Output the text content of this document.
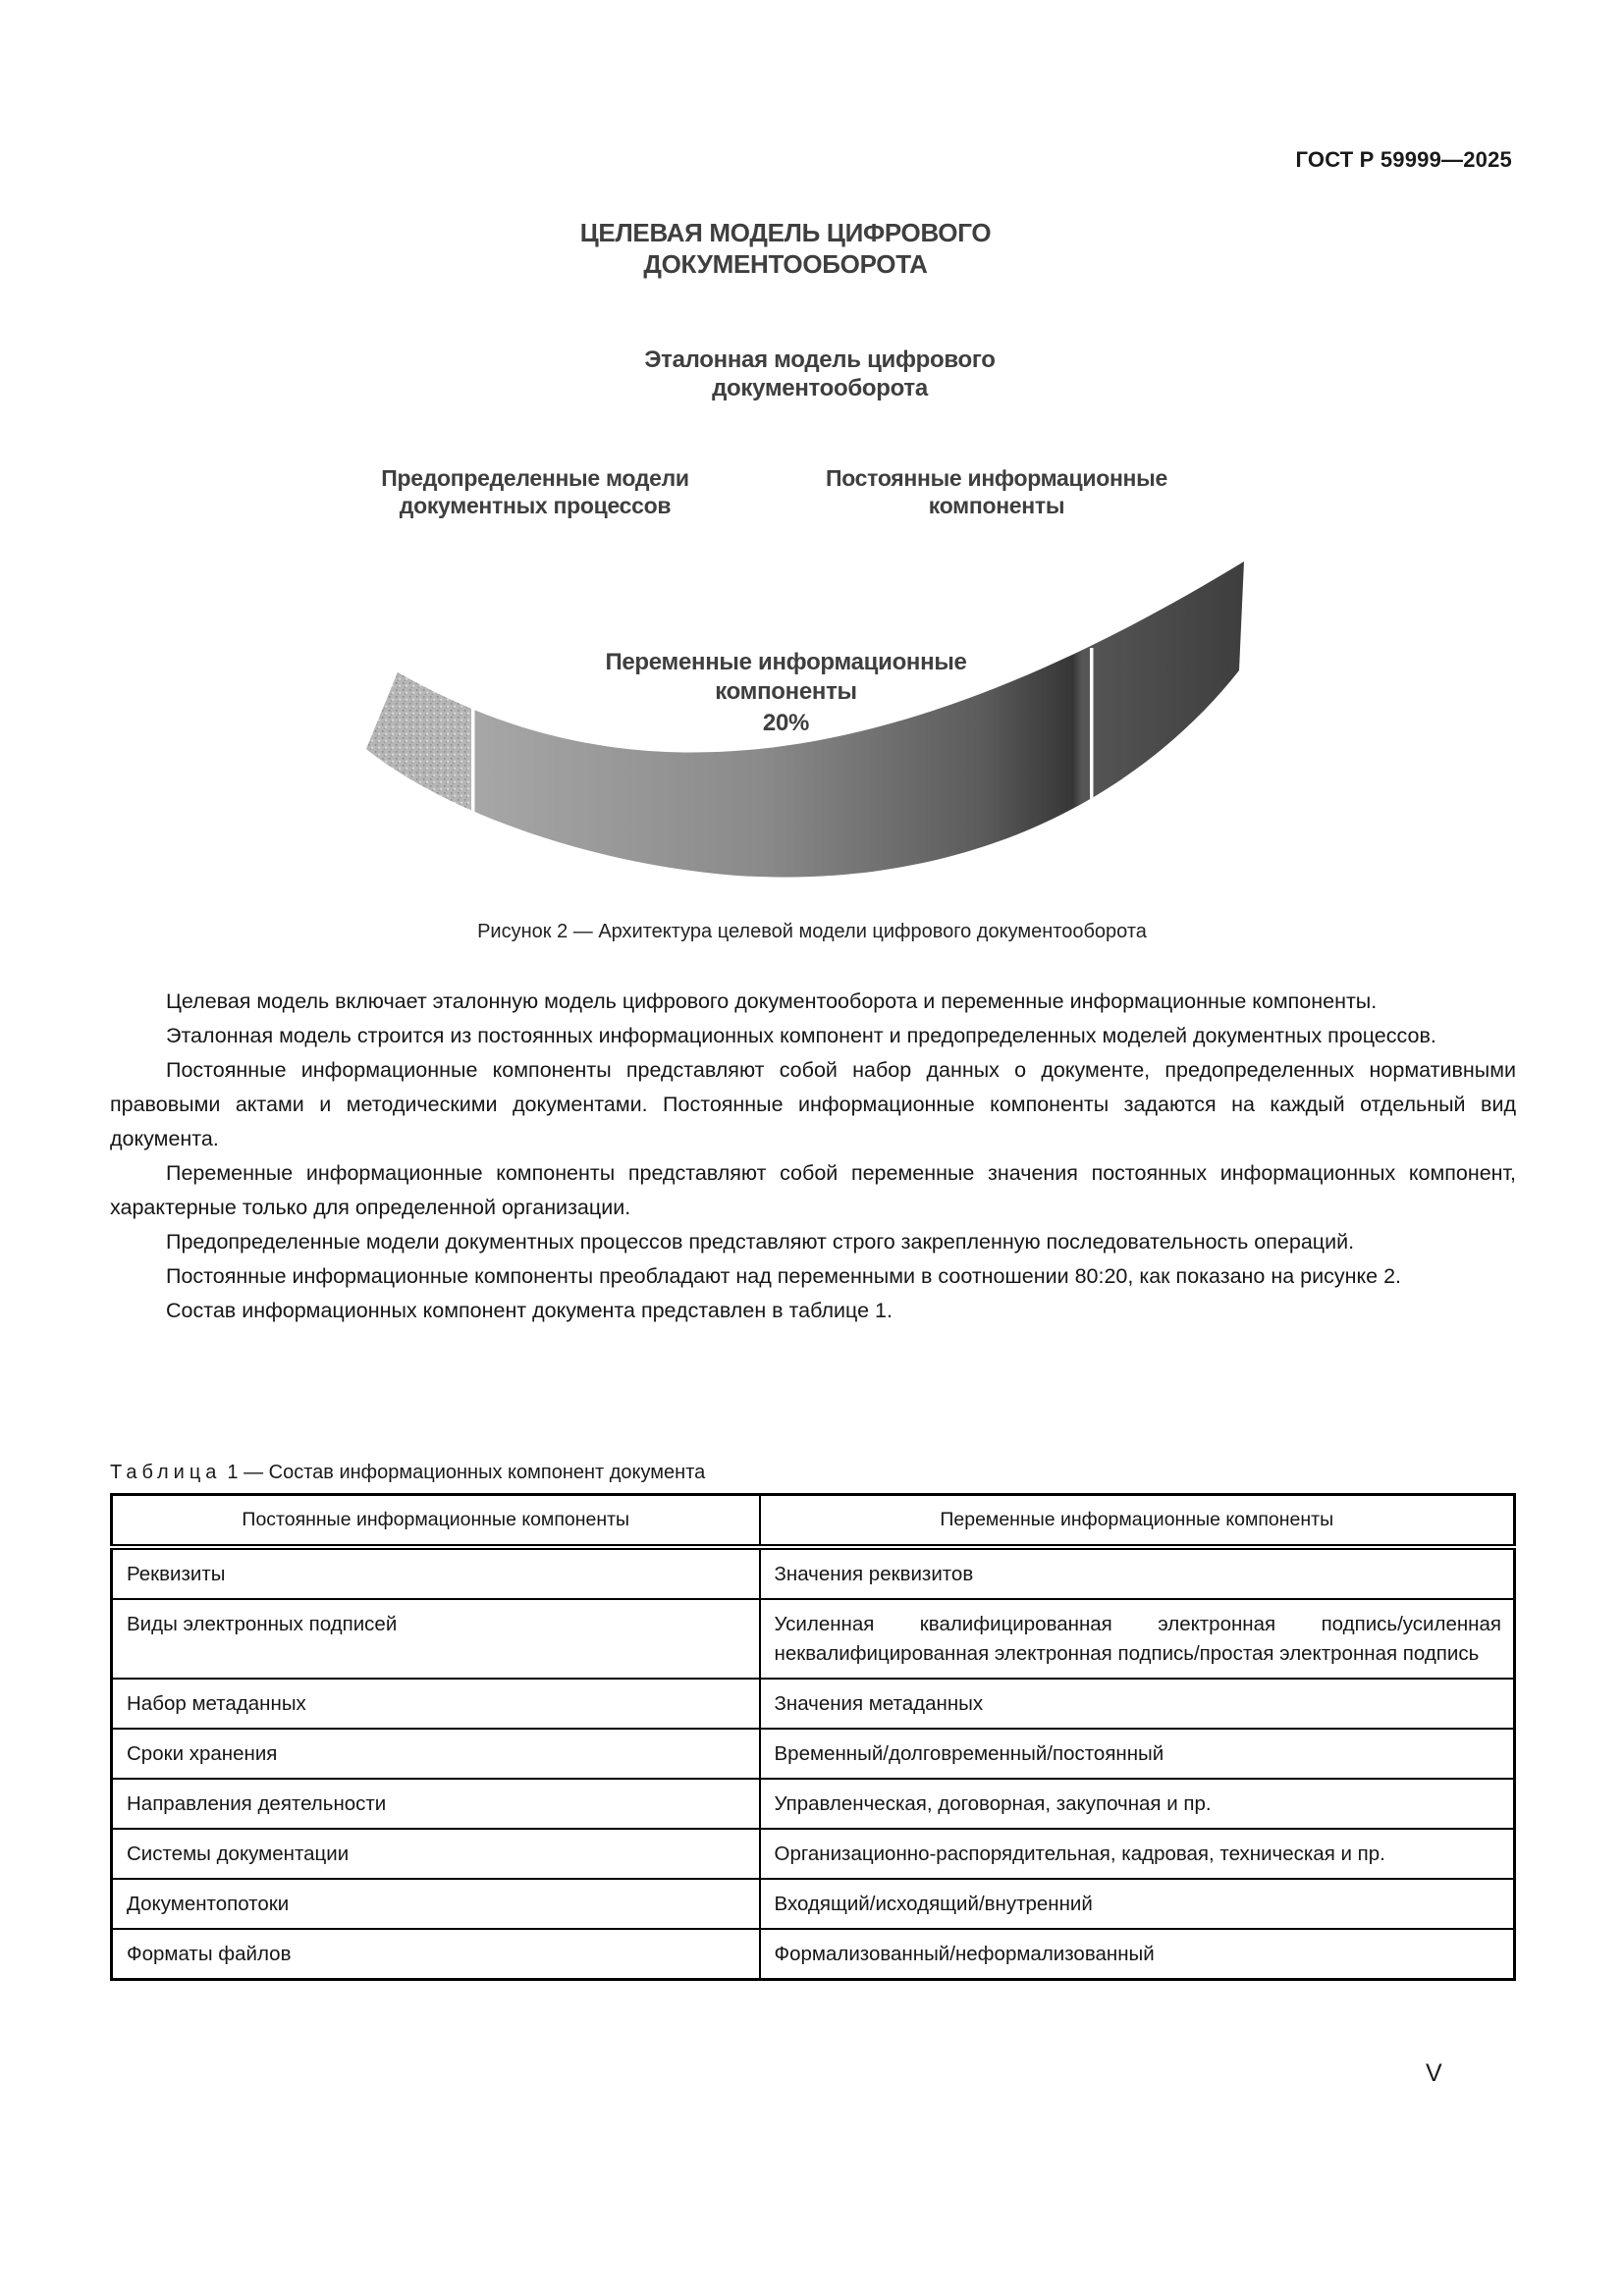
ГОСТ Р 59999—2025
ЦЕЛЕВАЯ МОДЕЛЬ ЦИФРОВОГО ДОКУМЕНТООБОРОТА
Эталонная модель цифрового документооборота
Предопределенные модели документных процессов
Постоянные информационные компоненты
Переменные информационные компоненты
20%
Рисунок 2 — Архитектура целевой модели цифрового документооборота

Целевая модель включает эталонную модель цифрового документооборота и переменные информационные компоненты.

Эталонная модель строится из постоянных информационных компонент и предопределенных моделей документных процессов.

Постоянные информационные компоненты представляют собой набор данных о документе, предопределенных нормативными правовыми актами и методическими документами. Постоянные информационные компоненты задаются на каждый отдельный вид документа.

Переменные информационные компоненты представляют собой переменные значения постоянных информационных компонент, характерные только для определенной организации.

Предопределенные модели документных процессов представляют строго закрепленную последовательность операций.

Постоянные информационные компоненты преобладают над переменными в соотношении 80:20, как показано на рисунке 2.

Состав информационных компонент документа представлен в таблице 1.

Таблица 1 — Состав информационных компонент документа
Постоянные информационные компоненты	Переменные информационные компоненты
Реквизиты	Значения реквизитов
Виды электронных подписей	Усиленная квалифицированная электронная подпись/​усиленная неквалифицированная электронная подпись/​простая электронная подпись
Набор метаданных	Значения метаданных
Сроки хранения	Временный/​долговременный/​постоянный
Направления деятельности	Управленческая, договорная, закупочная и пр.
Системы документации	Организационно-распорядительная, кадровая, техническая и пр.
Документопотоки	Входящий/​исходящий/​внутренний
Форматы файлов	Формализованный/​неформализованный
V
